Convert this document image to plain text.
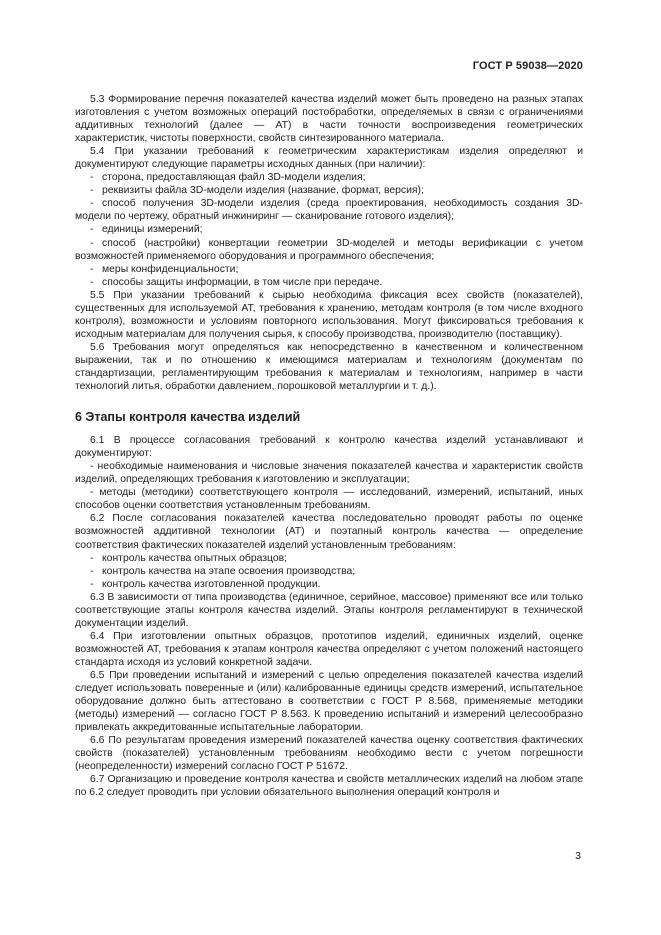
ГОСТ Р 59038—2020

5.3 Формирование перечня показателей качества изделий может быть проведено на разных этапах изготовления с учетом возможных операций постобработки, определяемых в связи с ограничениями аддитивных технологий (далее — АТ) в части точности воспроизведения геометрических характеристик, чистоты поверхности, свойств синтезированного материала.

5.4 При указании требований к геометрическим характеристикам изделия определяют и документируют следующие параметры исходных данных (при наличии):

- сторона, предоставляющая файл 3D-модели изделия;
- реквизиты файла 3D-модели изделия (название, формат, версия);
- способ получения 3D-модели изделия (среда проектирования, необходимость создания 3D-модели по чертежу, обратный инжиниринг — сканирование готового изделия);
- единицы измерений;
- способ (настройки) конвертации геометрии 3D-моделей и методы верификации с учетом возможностей применяемого оборудования и программного обеспечения;
- меры конфиденциальности;
- способы защиты информации, в том числе при передаче.

5.5 При указании требований к сырью необходима фиксация всех свойств (показателей), существенных для используемой АТ, требования к хранению, методам контроля (в том числе входного контроля), возможности и условиям повторного использования. Могут фиксироваться требования к исходным материалам для получения сырья, к способу производства, производителю (поставщику).

5.6 Требования могут определяться как непосредственно в качественном и количественном выражении, так и по отношению к имеющимся материалам и технологиям (документам по стандартизации, регламентирующим требования к материалам и технологиям, например в части технологий литья, обработки давлением, порошковой металлургии и т. д.).

6 Этапы контроля качества изделий

6.1 В процессе согласования требований к контролю качества изделий устанавливают и документируют:

- необходимые наименования и числовые значения показателей качества и характеристик свойств изделий, определяющих требования к изготовлению и эксплуатации;

- методы (методики) соответствующего контроля — исследований, измерений, испытаний, иных способов оценки соответствия установленным требованиям.

6.2 После согласования показателей качества последовательно проводят работы по оценке возможностей аддитивной технологии (АТ) и поэтапный контроль качества — определение соответствия фактических показателей изделий установленным требованиям:

- контроль качества опытных образцов;
- контроль качества на этапе освоения производства;
- контроль качества изготовленной продукции.

6.3 В зависимости от типа производства (единичное, серийное, массовое) применяют все или только соответствующие этапы контроля качества изделий. Этапы контроля регламентируют в технической документации изделий.

6.4 При изготовлении опытных образцов, прототипов изделий, единичных изделий, оценке возможностей АТ, требования к этапам контроля качества определяют с учетом положений настоящего стандарта исходя из условий конкретной задачи.

6.5 При проведении испытаний и измерений с целью определения показателей качества изделий следует использовать поверенные и (или) калиброванные единицы средств измерений, испытательное оборудование должно быть аттестовано в соответствии с ГОСТ Р 8.568, применяемые методики (методы) измерений — согласно ГОСТ Р 8.563. К проведению испытаний и измерений целесообразно привлекать аккредитованные испытательные лаборатории.

6.6 По результатам проведения измерений показателей качества оценку соответствия фактических свойств (показателей) установленным требованиям необходимо вести с учетом погрешности (неопределенности) измерений согласно ГОСТ Р 51672.

6.7 Организацию и проведение контроля качества и свойств металлических изделий на любом этапе по 6.2 следует проводить при условии обязательного выполнения операций контроля и

3
